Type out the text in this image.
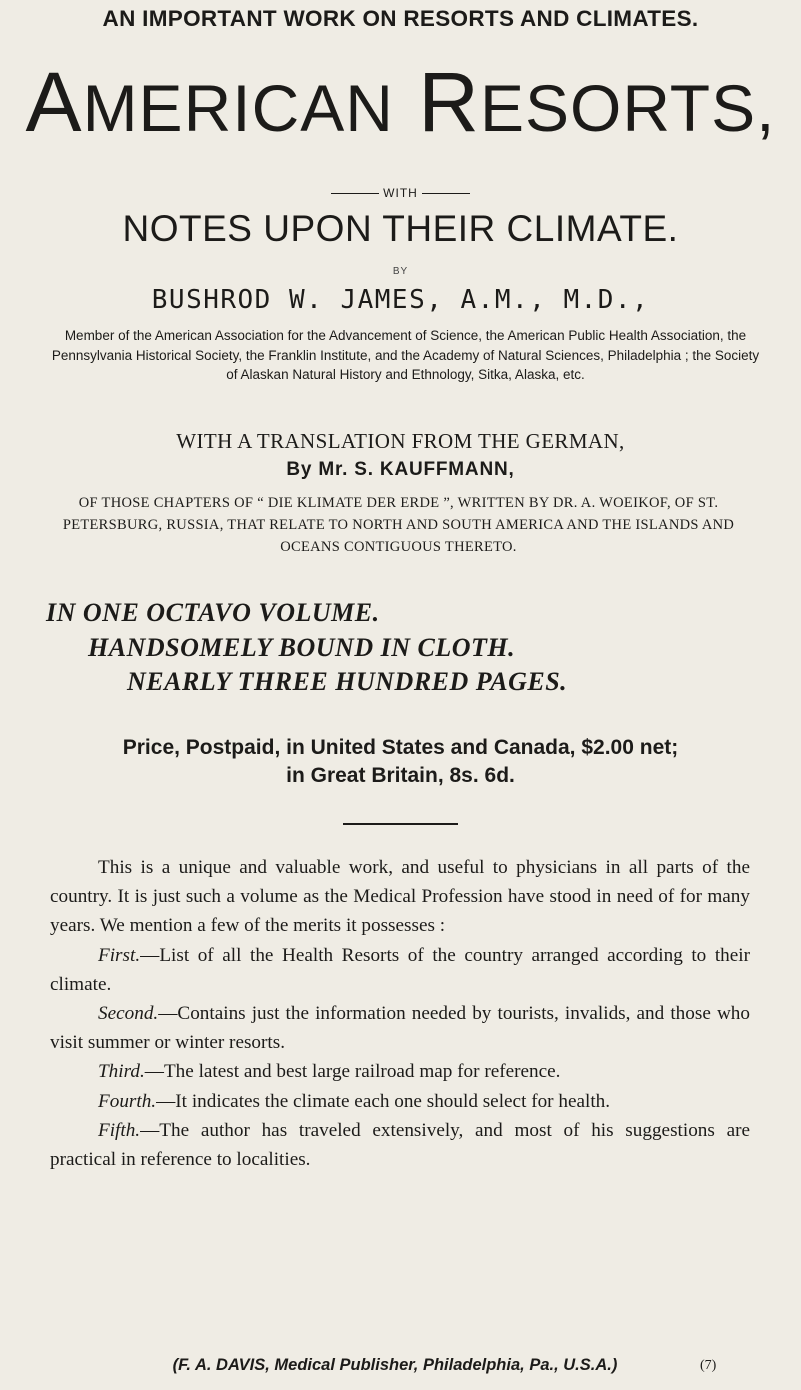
AN IMPORTANT WORK ON RESORTS AND CLIMATES.
AMERICAN RESORTS,
WITH
NOTES UPON THEIR CLIMATE.
BY
BUSHROD W. JAMES, A.M., M.D.,
Member of the American Association for the Advancement of Science, the American Public Health Association, the Pennsylvania Historical Society, the Franklin Institute, and the Academy of Natural Sciences, Philadelphia ; the Society of Alaskan Natural History and Ethnology, Sitka, Alaska, etc.
WITH A TRANSLATION FROM THE GERMAN,
By Mr. S. KAUFFMANN,
OF THOSE CHAPTERS OF “ DIE KLIMATE DER ERDE ”, WRITTEN BY DR. A. WOEIKOF, OF ST. PETERSBURG, RUSSIA, THAT RELATE TO NORTH AND SOUTH AMERICA AND THE ISLANDS AND OCEANS CONTIGUOUS THERETO.
IN ONE OCTAVO VOLUME.
HANDSOMELY BOUND IN CLOTH.
NEARLY THREE HUNDRED PAGES.
Price, Postpaid, in United States and Canada, $2.00 net;
in Great Britain, 8s. 6d.

This is a unique and valuable work, and useful to physicians in all parts of the country. It is just such a volume as the Medical Profession have stood in need of for many years. We mention a few of the merits it possesses :

First.—List of all the Health Resorts of the country arranged according to their climate.

Second.—Contains just the information needed by tourists, invalids, and those who visit summer or winter resorts.

Third.—The latest and best large railroad map for reference.

Fourth.—It indicates the climate each one should select for health.

Fifth.—The author has traveled extensively, and most of his suggestions are practical in reference to localities.

(F. A. DAVIS, Medical Publisher, Philadelphia, Pa., U.S.A.)	(7)
